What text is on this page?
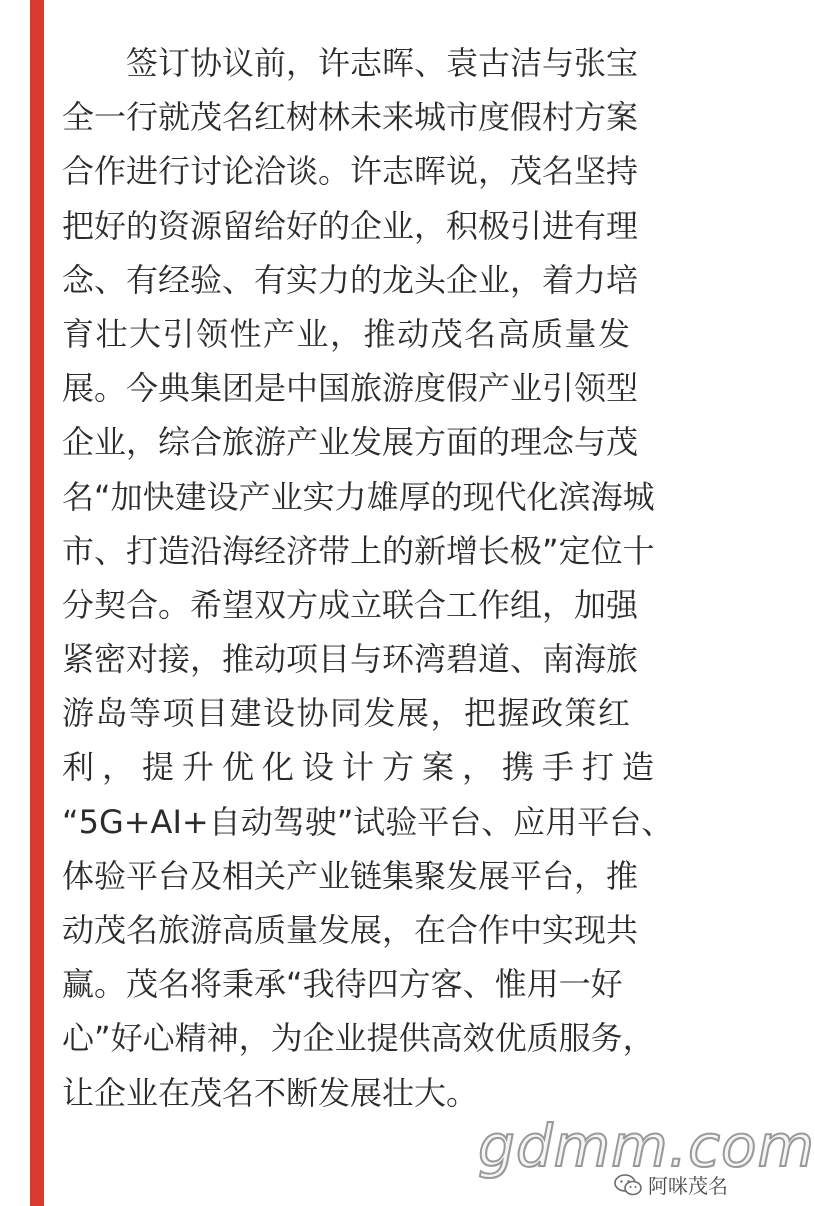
签订协议前，许志晖、袁古洁与张宝
全一行就茂名红树林未来城市度假村方案
合作进行讨论洽谈。许志晖说，茂名坚持
把好的资源留给好的企业，积极引进有理
念、有经验、有实力的龙头企业，着力培
育壮大引领性产业，推动茂名高质量发
展。今典集团是中国旅游度假产业引领型
企业，综合旅游产业发展方面的理念与茂
名“加快建设产业实力雄厚的现代化滨海城
市、打造沿海经济带上的新增长极”定位十
分契合。希望双方成立联合工作组，加强
紧密对接，推动项目与环湾碧道、南海旅
游岛等项目建设协同发展，把握政策红
利，提升优化设计方案，携手打造
“5G+AI+自动驾驶”试验平台、应用平台、
体验平台及相关产业链集聚发展平台，推
动茂名旅游高质量发展，在合作中实现共
赢。茂名将秉承“我待四方客、惟用一好
心”好心精神，为企业提供高效优质服务，
让企业在茂名不断发展壮大。
gdmm.com
阿咪茂名
